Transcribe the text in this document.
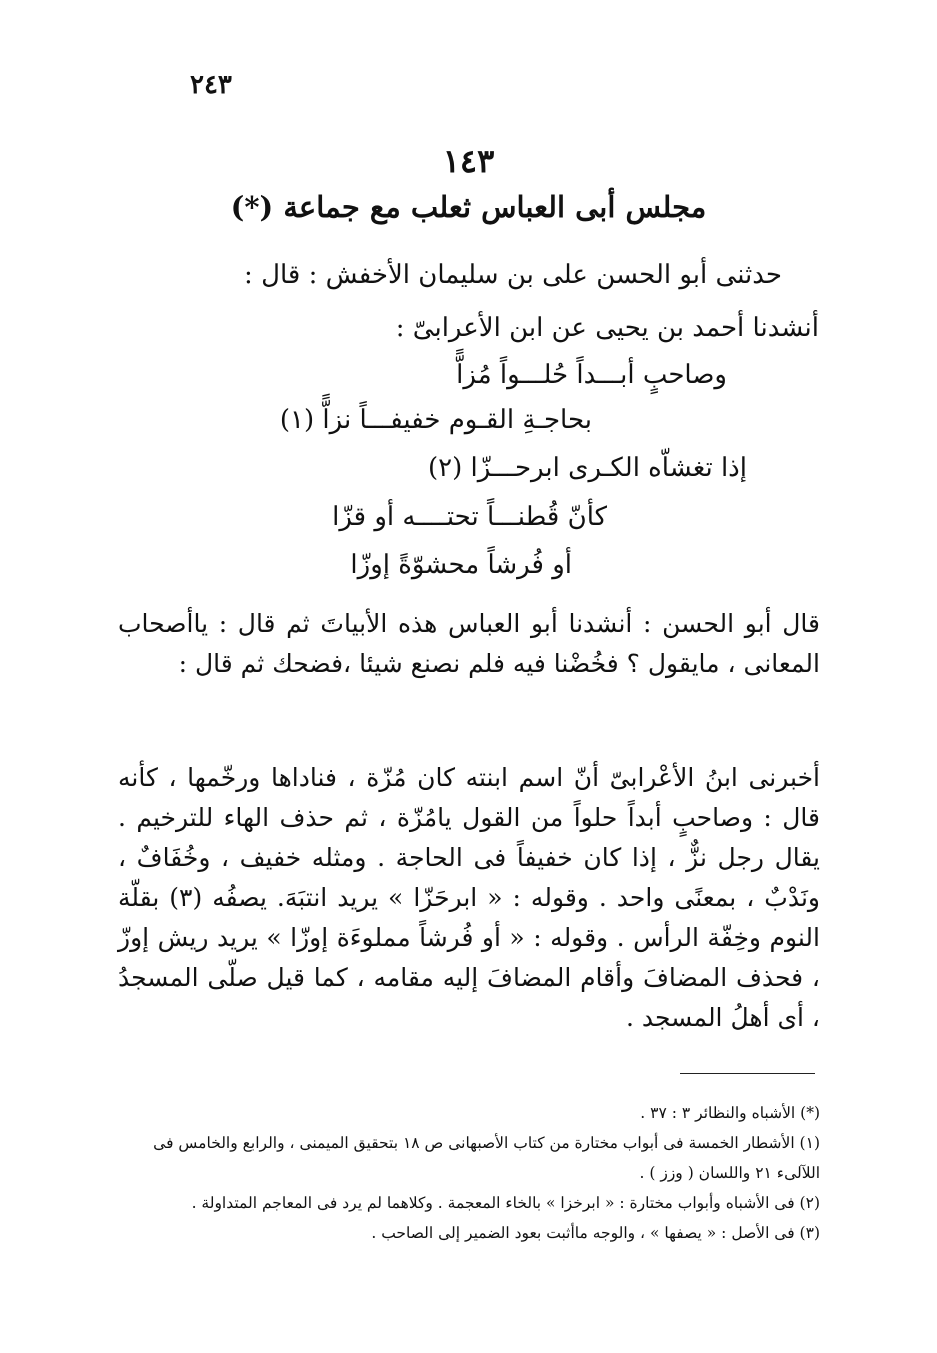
٢٤٣
١٤٣
مجلس أبى العباس ثعلب مع جماعة (*)
حدثنى أبو الحسن على بن سليمان الأخفش : قال :
أنشدنا أحمد بن يحيى عن ابن الأعرابىّ :
وصاحبٍ أبـــداً حُلـــواً مُزاًّ
بحاجـةِ القـوم خفيفـــاً نزاًّ (١)
إذا تغشاّه الكـرى ابرحـــزّا (٢)
كأنّ قُطنـــاً تحتــــه أو قزّا
أو فُرشاً محشوّةً إوزّا

قال أبو الحسن : أنشدنا أبو العباس هذه الأبياتَ ثم قال : ياأصحاب المعانى ، مايقول ؟ فخُضْنا فيه فلم نصنع شيئا ،فضحك ثم قال :

أخبرنى ابنُ الأعْرابىّ أنّ اسم ابنته كان مُزّة ، فناداها ورخّمها ، كأنه قال : وصاحبٍ أبداً حلواً من القول يامُزّة ، ثم حذف الهاء للترخيم . يقال رجل نزٌّ ، إذا كان خفيفاً فى الحاجة . ومثله خفيف ، وخُفَافٌ ، ونَدْبٌ ، بمعنًى واحد . وقوله : « ابرحَزّا » يريد انتبَهَ. يصفُه (٣) بقلّة النوم وخِفّة الرأس . وقوله : « أو فُرشاً مملوءَة إوزّا » يريد ريش إوزّ ، فحذف المضافَ وأقام المضافَ إليه مقامه ، كما قيل صلّى المسجدُ ، أى أهلُ المسجد .

(*) الأشباه والنظائر ٣ : ٣٧ .
(١) الأشطار الخمسة فى أبواب مختارة من كتاب الأصبهانى ص ١٨ بتحقيق الميمنى ، والرابع والخامس فى اللآلىء ٢١ واللسان ( وزز ) .
(٢) فى الأشباه وأبواب مختارة : « ابرخزا » بالخاء المعجمة . وكلاهما لم يرد فى المعاجم المتداولة .
(٣) فى الأصل : « يصفها » ، والوجه ماأثبت بعود الضمير إلى الصاحب .
